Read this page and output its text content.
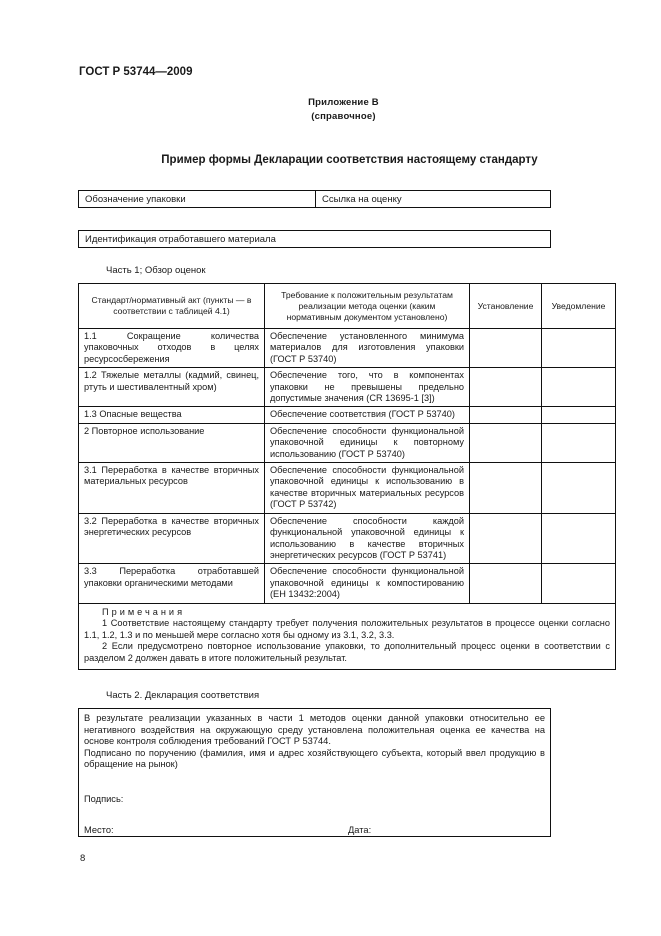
ГОСТ Р 53744—2009
Приложение В
(справочное)
Пример формы Декларации соответствия настоящему стандарту
Обозначение упаковки	Ссылка на оценку
Идентификация отработавшего материала
Часть 1; Обзор оценок
Стандарт/нормативный акт (пункты — в соответствии с таблицей 4.1)	Требование к положительным результатам реализации метода оценки (каким нормативным документом установлено)	Установление	Уведомление
1.1 Сокращение количества упаковочных отходов в целях ресурсосбережения	Обеспечение установленного минимума материалов для изготовления упаковки (ГОСТ Р 53740)		
1.2 Тяжелые металлы (кадмий, свинец, ртуть и шестивалентный хром)	Обеспечение того, что в компонентах упаковки не превышены предельно допустимые значения (CR 13695-1 [3])		
1.3 Опасные вещества	Обеспечение соответствия (ГОСТ Р 53740)		
2 Повторное использование	Обеспечение способности функциональной упаковочной единицы к повторному использованию (ГОСТ Р 53740)		
3.1 Переработка в качестве вторичных материальных ресурсов	Обеспечение способности функциональной упаковочной единицы к использованию в качестве вторичных материальных ресурсов (ГОСТ Р 53742)		
3.2 Переработка в качестве вторичных энергетических ресурсов	Обеспечение способности каждой функциональной упаковочной единицы к использованию в качестве вторичных энергетических ресурсов (ГОСТ Р 53741)		
3.3 Переработка отработавшей упаковки органическими методами	Обеспечение способности функциональной упаковочной единицы к компостированию (ЕН 13432:2004)		

Примечания
1 Соответствие настоящему стандарту требует получения положительных результатов в процессе оценки согласно 1.1, 1.2, 1.3 и по меньшей мере согласно хотя бы одному из 3.1, 3.2, 3.3.
2 Если предусмотрено повторное использование упаковки, то дополнительный процесс оценки в соответствии с разделом 2 должен давать в итоге положительный результат.			
Часть 2. Декларация соответствия

В результате реализации указанных в части 1 методов оценки данной упаковки относительно ее негативного воздействия на окружающую среду установлена положительная оценка ее качества на основе контроля соблюдения требований ГОСТ Р 53744.

Подписано по поручению (фамилия, имя и адрес хозяйствующего субъекта, который ввел продукцию в обращение на рынок)

Подпись:
Место:	Дата:
8
